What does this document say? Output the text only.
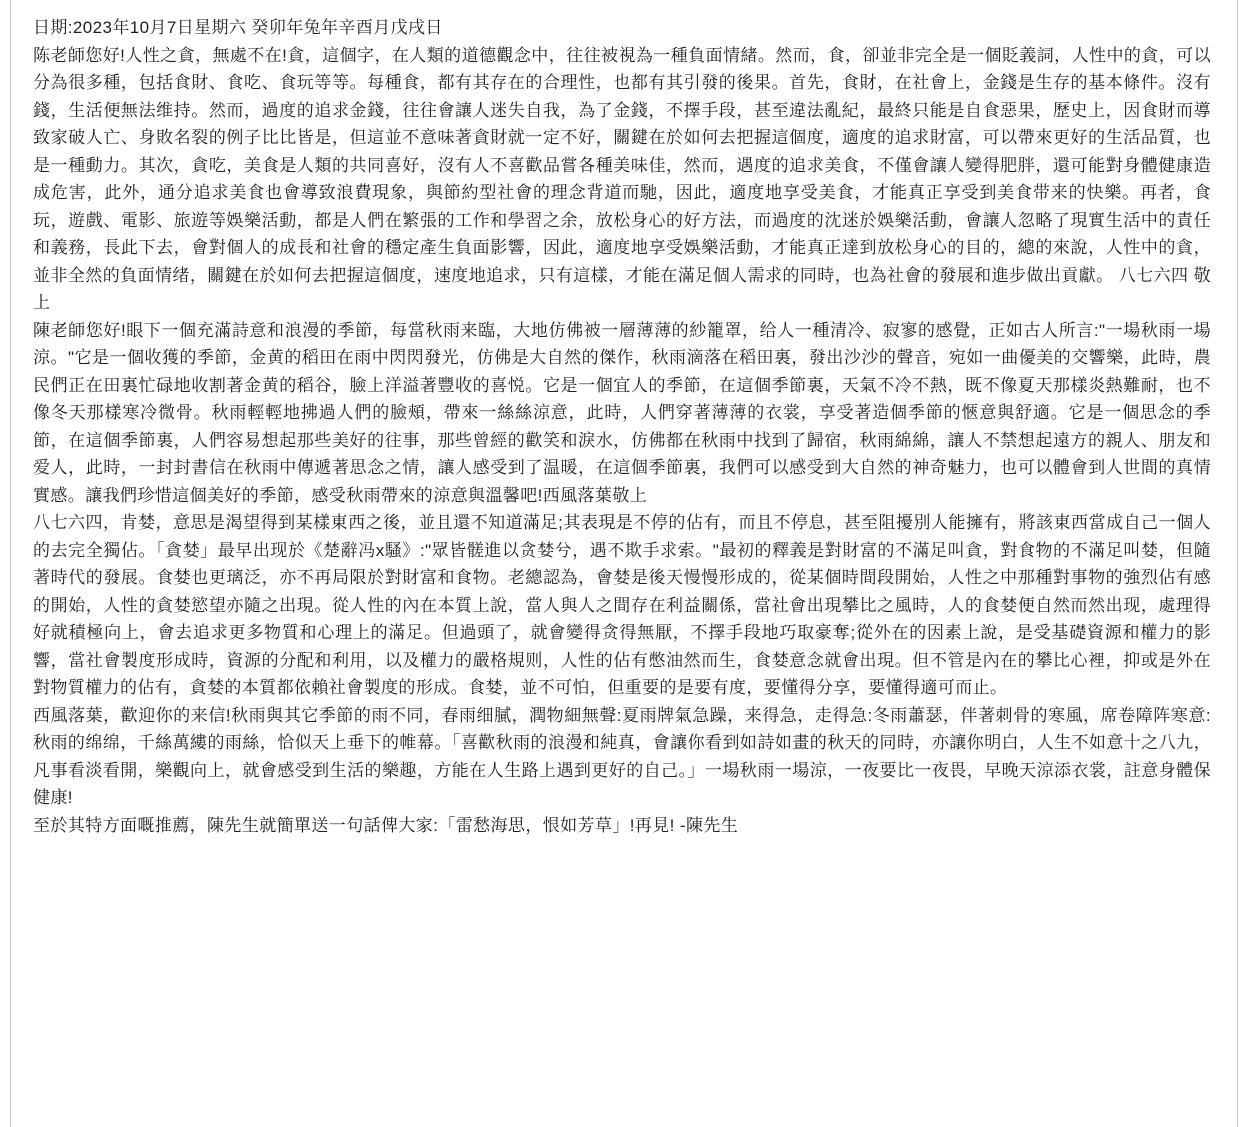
日期:2023年10月7日星期六 癸卯年兔年辛酉月戊戌日

陈老師您好!人性之貪，無處不在!貪，這個字，在人類的道德觀念中，往往被視為一種負面情緒。然而，食，卻並非完全是一個貶義詞，人性中的貪，可以分為很多種，包括食財、食吃、食玩等等。每種食，都有其存在的合理性，也都有其引發的後果。首先，食財，在社會上，金錢是生存的基本條件。沒有錢，生活便無法维持。然而，過度的追求金錢，往往會讓人迷失自我，為了金錢，不擇手段，甚至違法亂紀，最終只能是自食惡果，歷史上，因食財而導致家破人亡、身敗名裂的例子比比皆是，但這並不意味著貪財就一定不好，關鍵在於如何去把握這個度，適度的追求財富，可以帶來更好的生活品質，也是一種動力。其次，貪吃，美食是人類的共同喜好，沒有人不喜歡品嘗各種美味佳，然而，遇度的追求美食，不僅會讓人變得肥胖，還可能對身體健康造成危害，此外，通分追求美食也會導致浪費現象，與節約型社會的理念背道而馳，因此，適度地享受美食，才能真正享受到美食带来的快樂。再者，食玩，遊戲、電影、旅遊等娛樂活動，都是人們在繁張的工作和學習之余，放松身心的好方法，而過度的沈迷於娛樂活動，會讓人忽略了現實生活中的責任和義務，長此下去，會對個人的成長和社會的穩定產生負面影響，因此，適度地享受娛樂活動，才能真正達到放松身心的目的，總的來說，人性中的貪，並非全然的負面情绪，關鍵在於如何去把握這個度，速度地追求，只有這樣，才能在滿足個人需求的同時，也為社會的發展和進步做出貢獻。 八七六四 敬上

陳老師您好!眼下一個充滿詩意和浪漫的季節，每當秋雨来臨，大地仿佛被一層薄薄的紗籠罩，给人一種清冷、寂寥的感覺，正如古人所言:"一場秋雨一場涼。"它是一個收獲的季節，金黄的稻田在雨中閃閃發光，仿佛是大自然的傑作，秋雨滴落在稻田裏，發出沙沙的聲音，宛如一曲優美的交響樂，此時，農民們正在田裏忙碌地收割著金黄的稻谷，臉上洋溢著豐收的喜悦。它是一個宜人的季節，在這個季節裏，天氣不冷不熱，既不像夏天那樣炎熱難耐，也不像冬天那樣寒冷微骨。秋雨輕輕地拂過人們的臉頰，帶來一絲絲涼意，此時，人們穿著薄薄的衣裳，享受著造個季節的愜意與舒適。它是一個思念的季節，在這個季節裏，人們容易想起那些美好的往事，那些曾經的歡笑和淚水，仿佛都在秋雨中找到了歸宿，秋雨綿綿，讓人不禁想起遠方的親人、朋友和爱人，此時，一封封書信在秋雨中傳遞著思念之情，讓人感受到了温暖，在這個季節裏，我們可以感受到大自然的神奇魅力，也可以體會到人世間的真情實感。讓我們珍惜這個美好的季節，感受秋雨帶來的涼意與溫馨吧!西風落葉敬上

八七六四，肯婪，意思是渴望得到某樣東西之後，並且還不知道滿足;其表現是不停的佔有，而且不停息，甚至阻擾別人能擁有，將該東西當成自己一個人的去完全獨佔。「貪婪」最早出现於《楚辭冯x騷》:"眾皆髊進以贪婪兮，遇不欺手求索。"最初的釋義是對財富的不滿足叫貪，對食物的不滿足叫婪，但隨著時代的發展。食婪也更璃泛，亦不再局限於對財富和食物。老總認為，會婪是後天慢慢形成的，從某個時間段開始，人性之中那種對事物的強烈佔有感的開始，人性的貪婪慾望亦隨之出現。從人性的內在本質上說，當人與人之間存在利益關係，當社會出現攀比之風時，人的食婪便自然而然出现，處理得好就積極向上，會去追求更多物質和心理上的滿足。但過頭了，就會變得贪得無厭，不擇手段地巧取豪奪;從外在的因素上說，是受基礎資源和權力的影響，當社會製度形成時，資源的分配和利用，以及權力的嚴格規则，人性的佔有憋油然而生，食婪意念就會出現。但不管是內在的攀比心裡，抑或是外在對物質權力的佔有，貪婪的本質都依賴社會製度的形成。食婪，並不可怕，但重要的是要有度，要懂得分享，要懂得適可而止。

西風落葉，歡迎你的来信!秋雨與其它季節的雨不同，春雨细膩，潤物細無聲:夏雨牌氣急躁，来得急，走得急:冬雨蕭瑟，伴著刺骨的寒風，席卷障阵寒意:秋雨的绵绵，千絲萬縷的雨絲，恰似天上垂下的帷幕。「喜歡秋雨的浪漫和純真，會讓你看到如詩如畫的秋天的同時，亦讓你明白，人生不如意十之八九，凡事看淡看開，樂觀向上，就會感受到生活的樂趣，方能在人生路上遇到更好的自己。」一場秋雨一場涼，一夜要比一夜畏，早晚天涼添衣裳，註意身體保健康!

至於其特方面嘅推薦，陳先生就簡單送一句話俾大家:「雷愁海思，恨如芳草」!再見! -陳先生
